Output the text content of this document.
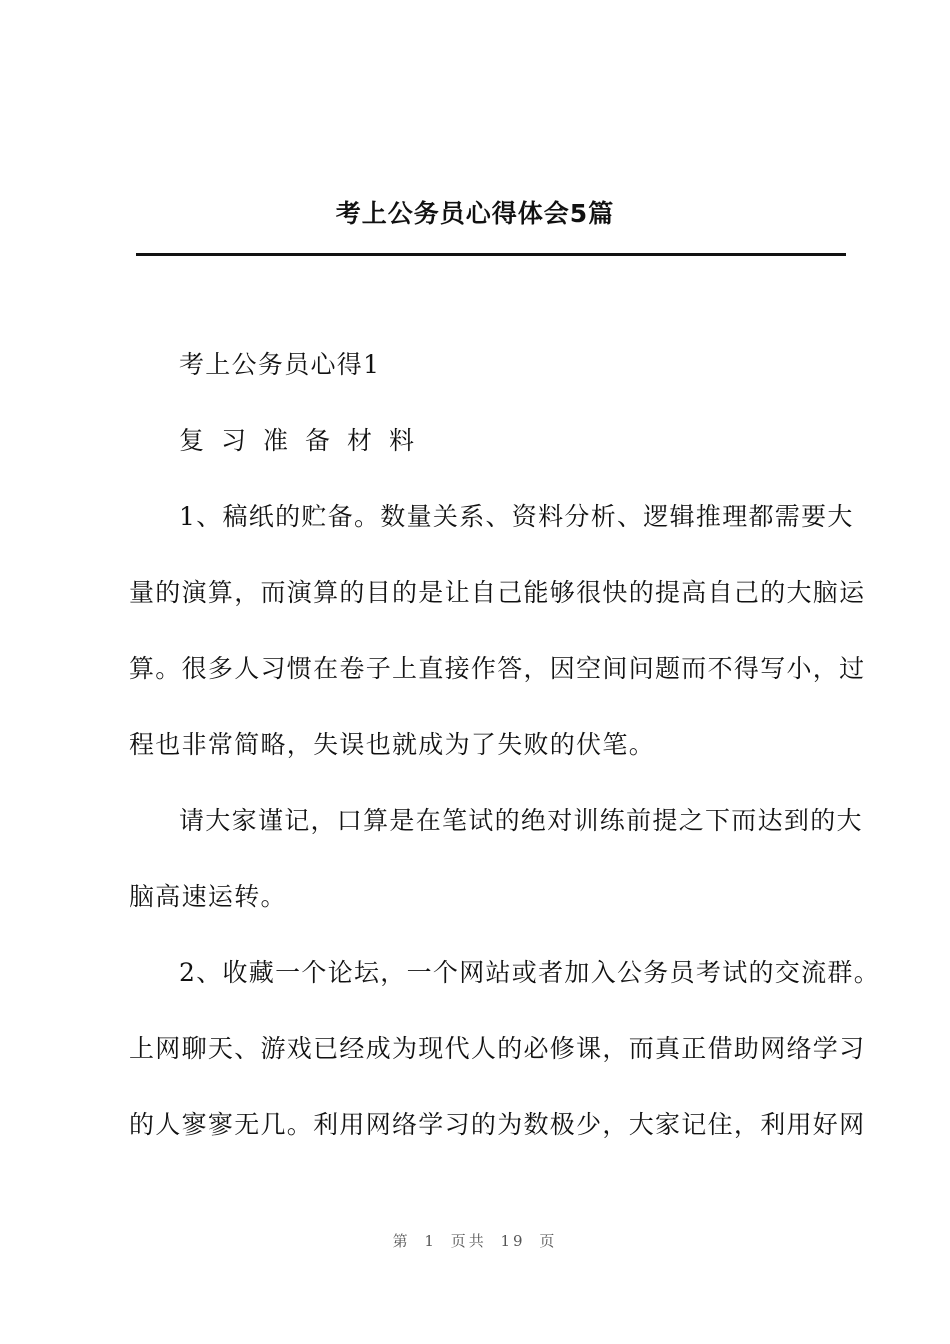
考上公务员心得体会5篇
考上公务员心得1
复习准备材料
1、稿纸的贮备。数量关系、资料分析、逻辑推理都需要大
量的演算，而演算的目的是让自己能够很快的提高自己的大脑运
算。很多人习惯在卷子上直接作答，因空间问题而不得写小，过
程也非常简略，失误也就成为了失败的伏笔。
请大家谨记，口算是在笔试的绝对训练前提之下而达到的大
脑高速运转。
2、收藏一个论坛，一个网站或者加入公务员考试的交流群。
上网聊天、游戏已经成为现代人的必修课，而真正借助网络学习
的人寥寥无几。利用网络学习的为数极少，大家记住，利用好网
第 1 页共 19 页
